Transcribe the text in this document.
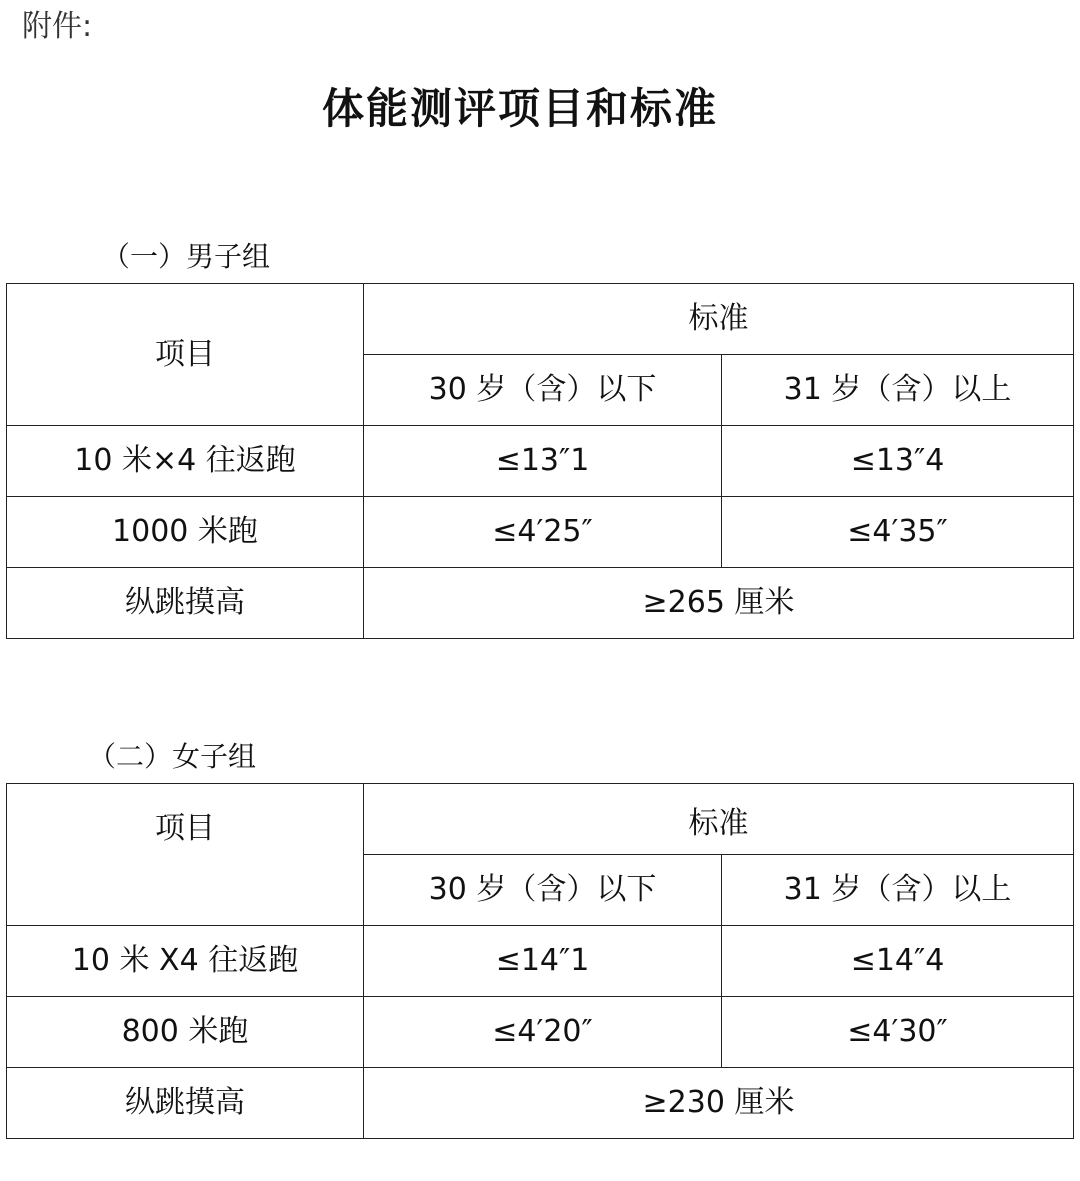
附件:

体能测评项目和标准

（一）男子组

项目	标准	
	30 岁（含）以下	31 岁（含）以上
10 米×4 往返跑	≤13″1	≤13″4
1000 米跑	≤4′25″	≤4′35″
纵跳摸高	≥265 厘米	

（二）女子组

项目	标准	
	30 岁（含）以下	31 岁（含）以上
10 米 X4 往返跑	≤14″1	≤14″4
800 米跑	≤4′20″	≤4′30″
纵跳摸高	≥230 厘米	
